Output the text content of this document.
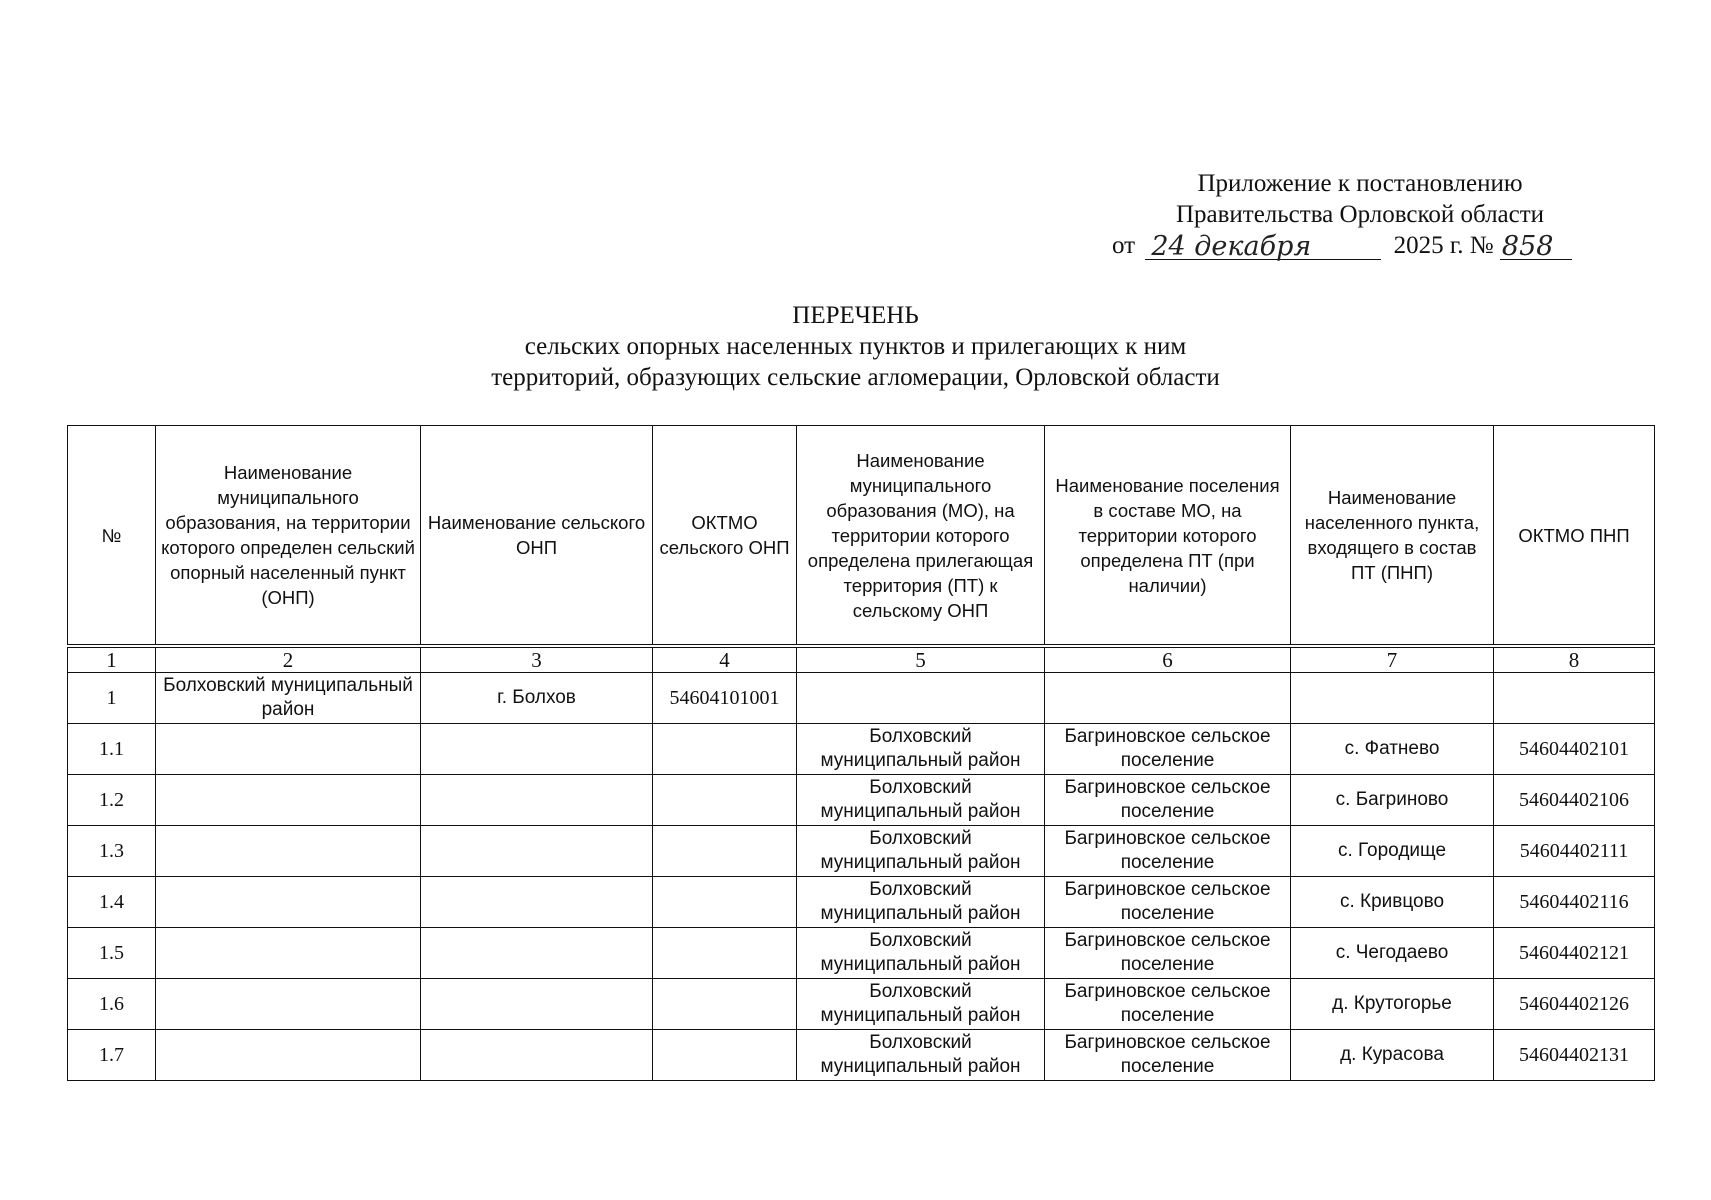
Приложение к постановлению
Правительства Орловской области
от 24 декабря	2025 г. № 858
ПЕРЕЧЕНЬ
сельских опорных населенных пунктов и прилегающих к ним
территорий, образующих сельские агломерации, Орловской области
№	Наименование муниципального образования, на территории которого определен сельский опорный населенный пункт (ОНП)	Наименование сельского ОНП	ОКТМО сельского ОНП	Наименование муниципального образования (МО), на территории которого определена прилегающая территория (ПТ) к сельскому ОНП	Наименование поселения в составе МО, на территории которого определена ПТ (при наличии)	Наименование населенного пункта, входящего в состав ПТ (ПНП)	ОКТМО ПНП
1	2	3	4	5	6	7	8
1	Болховский муниципальный район	г. Болхов	54604101001				
1.1				Болховский муниципальный район	Багриновское сельское поселение	с. Фатнево	54604402101
1.2				Болховский муниципальный район	Багриновское сельское поселение	с. Багриново	54604402106
1.3				Болховский муниципальный район	Багриновское сельское поселение	с. Городище	54604402111
1.4				Болховский муниципальный район	Багриновское сельское поселение	с. Кривцово	54604402116
1.5				Болховский муниципальный район	Багриновское сельское поселение	с. Чегодаево	54604402121
1.6				Болховский муниципальный район	Багриновское сельское поселение	д. Крутогорье	54604402126
1.7				Болховский муниципальный район	Багриновское сельское поселение	д. Курасова	54604402131
